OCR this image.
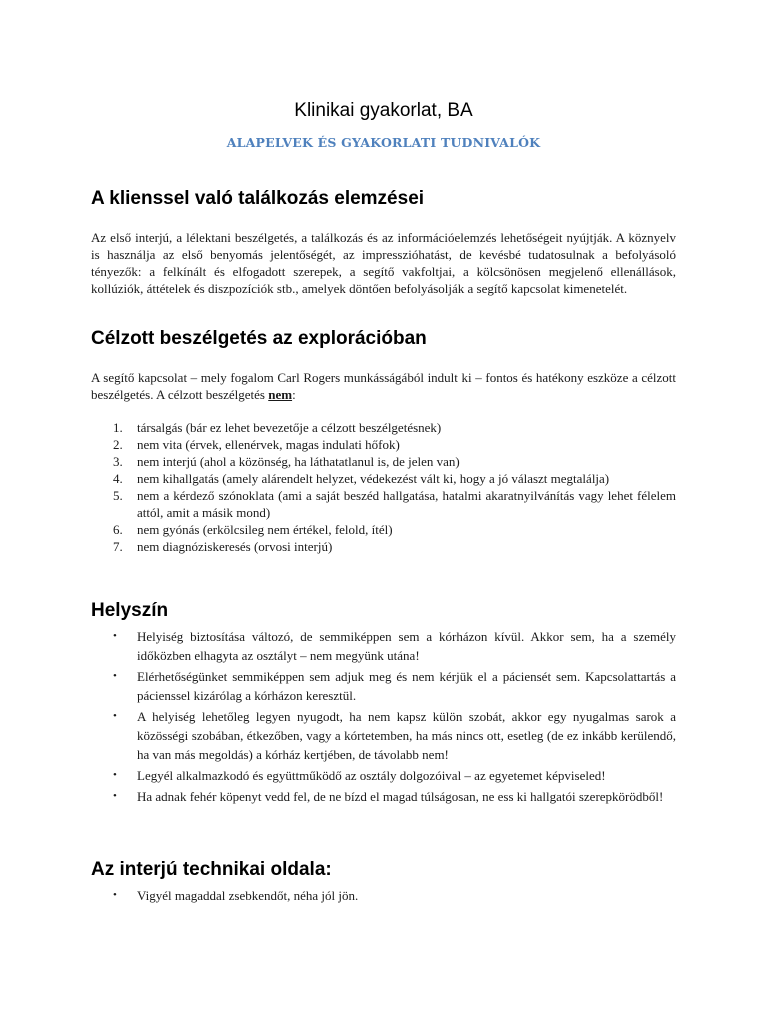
Klinikai gyakorlat, BA
ALAPELVEK ÉS GYAKORLATI TUDNIVALÓK
A klienssel való találkozás elemzései

Az első interjú, a lélektani beszélgetés, a találkozás és az információelemzés lehetőségeit nyújtják. A köznyelv is használja az első benyomás jelentőségét, az impresszióhatást, de kevésbé tudatosulnak a befolyásoló tényezők: a felkínált és elfogadott szerepek, a segítő vakfoltjai, a kölcsönösen megjelenő ellenállások, kollúziók, áttételek és diszpozíciók stb., amelyek döntően befolyásolják a segítő kapcsolat kimenetelét.

Célzott beszélgetés az explorációban

A segítő kapcsolat – mely fogalom Carl Rogers munkásságából indult ki – fontos és hatékony eszköze a célzott beszélgetés. A célzott beszélgetés nem:

1. társalgás (bár ez lehet bevezetője a célzott beszélgetésnek)
2. nem vita (érvek, ellenérvek, magas indulati hőfok)
3. nem interjú (ahol a közönség, ha láthatatlanul is, de jelen van)
4. nem kihallgatás (amely alárendelt helyzet, védekezést vált ki, hogy a jó választ megtalálja)
5. nem a kérdező szónoklata (ami a saját beszéd hallgatása, hatalmi akaratnyilvánítás vagy lehet félelem attól, amit a másik mond)
6. nem gyónás (erkölcsileg nem értékel, felold, ítél)
7. nem diagnóziskeresés (orvosi interjú)
Helyszín
• Helyiség biztosítása változó, de semmiképpen sem a kórházon kívül. Akkor sem, ha a személy időközben elhagyta az osztályt – nem megyünk utána!
• Elérhetőségünket semmiképpen sem adjuk meg és nem kérjük el a páciensét sem. Kapcsolattartás a pácienssel kizárólag a kórházon keresztül.
• A helyiség lehetőleg legyen nyugodt, ha nem kapsz külön szobát, akkor egy nyugalmas sarok a közösségi szobában, étkezőben, vagy a kórtetemben, ha más nincs ott, esetleg (de ez inkább kerülendő, ha van más megoldás) a kórház kertjében, de távolabb nem!
• Legyél alkalmazkodó és együttműködő az osztály dolgozóival – az egyetemet képviseled!
• Ha adnak fehér köpenyt vedd fel, de ne bízd el magad túlságosan, ne ess ki hallgatói szerepkörödből!
Az interjú technikai oldala:
• Vigyél magaddal zsebkendőt, néha jól jön.
